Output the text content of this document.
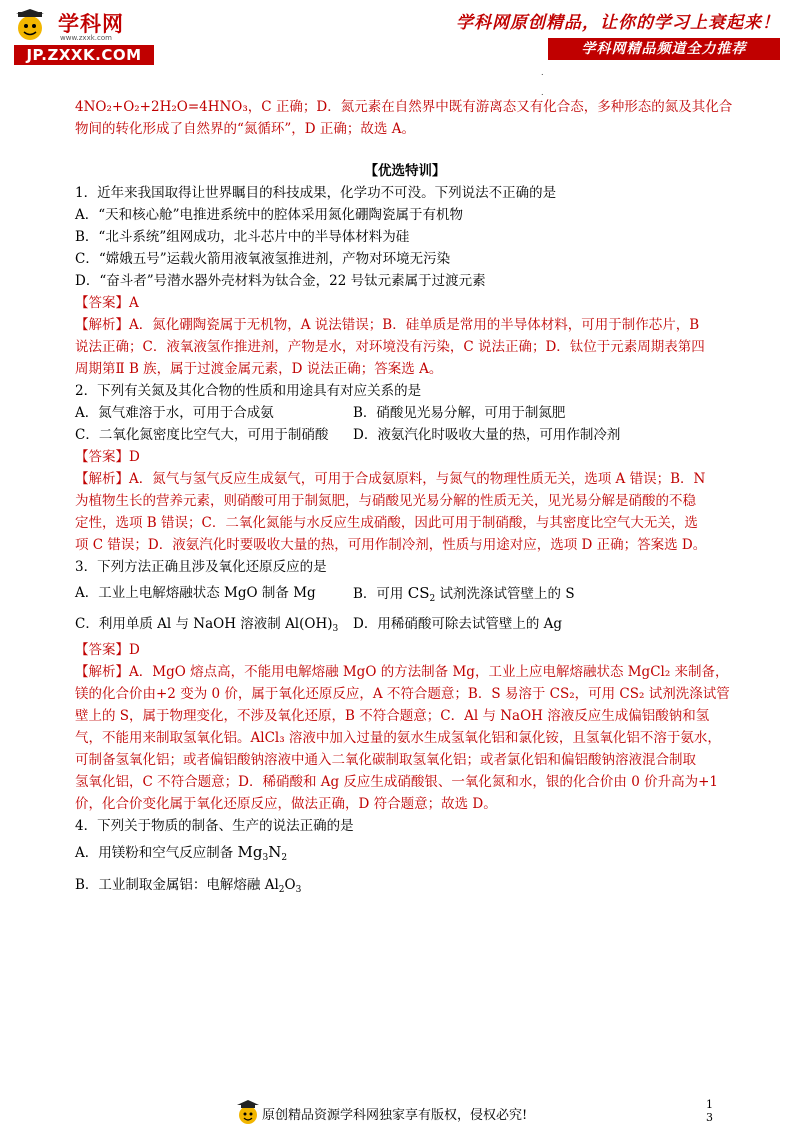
学科网
www.zxxk.com
JP.ZXXK.COM
学科网原创精品，让你的学习上衰起来！
学科网精品频道全力推荐
.

.

4NO₂+O₂+2H₂O=4HNO₃，C 正确；D．氮元素在自然界中既有游离态又有化合态，多种形态的氮及其化合

物间的转化形成了自然界的“氮循环”，D 正确；故选 A。

【优选特训】

1．近年来我国取得让世界瞩目的科技成果，化学功不可没。下列说法不正确的是

A．“天和核心舱”电推进系统中的腔体采用氮化硼陶瓷属于有机物

B．“北斗系统”组网成功，北斗芯片中的半导体材料为硅

C．“嫦娥五号”运载火箭用液氧液氢推进剂，产物对环境无污染

D．“奋斗者”号潜水器外壳材料为钛合金，22 号钛元素属于过渡元素

【答案】A

【解析】A．氮化硼陶瓷属于无机物，A 说法错误；B．硅单质是常用的半导体材料，可用于制作芯片，B

说法正确；C．液氧液氢作推进剂，产物是水，对环境没有污染，C 说法正确；D．钛位于元素周期表第四

周期第Ⅱ B 族，属于过渡金属元素，D 说法正确；答案选 A。

2．下列有关氮及其化合物的性质和用途具有对应关系的是

A．氮气难溶于水，可用于合成氨	B．硝酸见光易分解，可用于制氮肥
C．二氧化氮密度比空气大，可用于制硝酸	D．液氨汽化时吸收大量的热，可用作制冷剂

【答案】D

【解析】A．氮气与氢气反应生成氨气，可用于合成氨原料，与氮气的物理性质无关，选项 A 错误；B．N

为植物生长的营养元素，则硝酸可用于制氮肥，与硝酸见光易分解的性质无关，见光易分解是硝酸的不稳

定性，选项 B 错误；C．二氧化氮能与水反应生成硝酸，因此可用于制硝酸，与其密度比空气大无关，选

项 C 错误；D．液氨汽化时要吸收大量的热，可用作制冷剂，性质与用途对应，选项 D 正确；答案选 D。

3．下列方法正确且涉及氧化还原反应的是

A．工业上电解熔融状态 MgO 制备 Mg	B．可用 $CS_2$ 试剂洗涤试管壁上的 S
C．利用单质 Al 与 NaOH 溶液制 $Al(OH)_3$	D．用稀硝酸可除去试管壁上的 Ag

【答案】D

【解析】A．MgO 熔点高，不能用电解熔融 MgO 的方法制备 Mg，工业上应电解熔融状态 MgCl₂ 来制备，

镁的化合价由+2 变为 0 价，属于氧化还原反应，A 不符合题意；B．S 易溶于 CS₂，可用 CS₂ 试剂洗涤试管

壁上的 S，属于物理变化，不涉及氧化还原，B 不符合题意；C．Al 与 NaOH 溶液反应生成偏铝酸钠和氢

气，不能用来制取氢氧化铝。AlCl₃ 溶液中加入过量的氨水生成氢氧化铝和氯化铵，且氢氧化铝不溶于氨水，

可制备氢氧化铝；或者偏铝酸钠溶液中通入二氧化碳制取氢氧化铝；或者氯化铝和偏铝酸钠溶液混合制取

氢氧化铝，C 不符合题意；D．稀硝酸和 Ag 反应生成硝酸银、一氧化氮和水，银的化合价由 0 价升高为+1

价，化合价变化属于氧化还原反应，做法正确，D 符合题意；故选 D。

4．下列关于物质的制备、生产的说法正确的是

A．用镁粉和空气反应制备 $Mg_3N_2$

B．工业制取金属铝：电解熔融 $Al_2O_3$

原创精品资源学科网独家享有版权，侵权必究!
1
3
